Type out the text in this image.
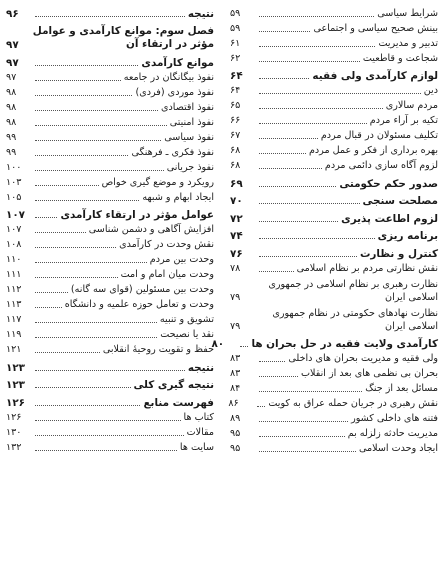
شرایط سیاسی
۵۹
بینش صحیح سیاسی و اجتماعی
۵۹
تدبیر و مدیریت
۶۱
شجاعت و قاطعیت
۶۲
لوازم کارآمدی ولی فقیه
۶۴
دین
۶۴
مردم سالاری
۶۵
تکیه بر آراء مردم
۶۶
تکلیف مسئولان در قبال مردم
۶۷
بهره برداری از فکر و عمل مردم
۶۸
لزوم آگاه سازی دائمی مردم
۶۸
صدور حکم حکومتی
۶۹
مصلحت سنجی
۷۰
لزوم اطاعت پذیری
۷۲
برنامه ریزی
۷۴
کنترل و نظارت
۷۶
نقش نظارتی مردم بر نظام اسلامی
۷۸
نظارت رهبری بر نظام اسلامی در جمهوری اسلامی ایران
۷۹
نظارت نهادهای حکومتی در نظام جمهوری اسلامی ایران
۷۹
کارآمدی ولایت فقیه در حل بحران ها
۸۰
ولی فقیه و مدیریت بحران های داخلی
۸۳
بحران بی نظمی های بعد از انقلاب
۸۳
مسائل بعد از جنگ
۸۴
نقش رهبری در جریان حمله عراق به کویت
۸۶
فتنه های داخلی کشور
۸۹
مدیریت حادثه زلزله بم
۹۵
ایجاد وحدت اسلامی
۹۵
نتیجه
۹۶
فصل سوم: موانع کارآمدی و عوامل مؤثر در ارتقاء آن
۹۷
موانع کارآمدی
۹۷
نفوذ بیگانگان در جامعه
۹۷
نفوذ موردی (فردی)
۹۸
نفوذ اقتصادی
۹۸
نفوذ امنیتی
۹۸
نفوذ سیاسی
۹۹
نفوذ فکری ـ فرهنگی
۹۹
نفوذ جریانی
۱۰۰
رویکرد و موضع گیری خواص
۱۰۳
ایجاد ابهام و شبهه
۱۰۵
عوامل مؤثر در ارتقاء کارآمدی
۱۰۷
افزایش آگاهی و دشمن شناسی
۱۰۷
نقش وحدت در کارآمدی
۱۰۸
وحدت بین مردم
۱۱۰
وحدت میان امام و امت
۱۱۱
وحدت بین مسئولین (قوای سه گانه)
۱۱۲
وحدت و تعامل حوزه علمیه و دانشگاه
۱۱۳
تشویق و تنبیه
۱۱۷
نقد یا نصیحت
۱۱۹
حفظ و تقویت روحیهٔ انقلابی
۱۲۱
نتیجه
۱۲۳
نتیجه گیری کلی
۱۲۳
فهرست منابع
۱۲۶
کتاب ها
۱۲۶
مقالات
۱۳۰
سایت ها
۱۳۲
